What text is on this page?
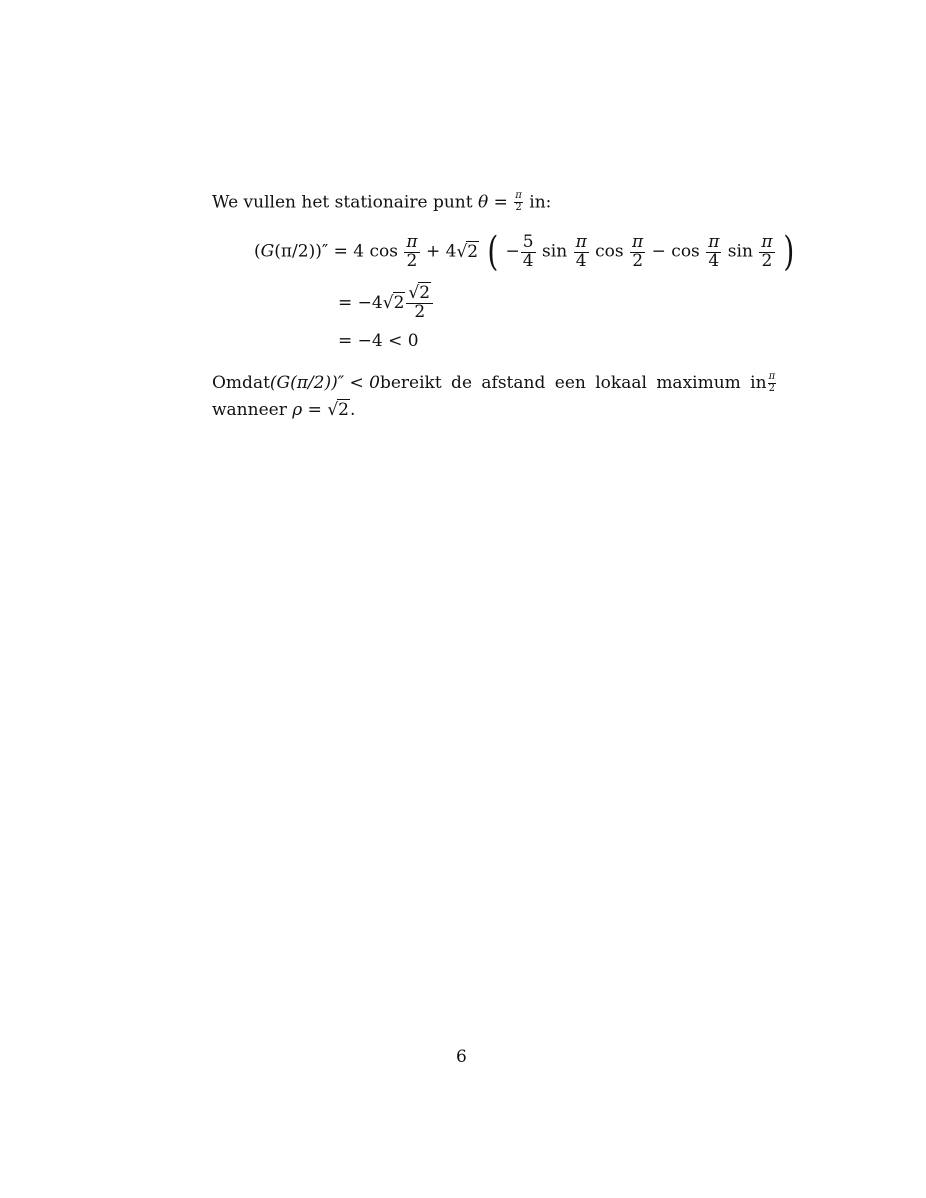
We vullen het stationaire punt $\theta = \frac{\pi}{2}$ in:
(G(π/2))″ = 4 $\cos \frac{\pi}{2} + 4√2$ ( − $\frac{5}{4}$ $\sin \frac{\pi}{4}$ $\cos \frac{\pi}{2} - \cos \frac{\pi}{4}$ $\sin \frac{\pi}{2}$ )
= $-4√2 \frac{√2}{2}$
= −4 < 0
Omdat (G(π/2))″ < 0 bereikt de afstand een lokaal maximum in $\frac{\pi}{2}$
wanneer ρ = √2.
6
